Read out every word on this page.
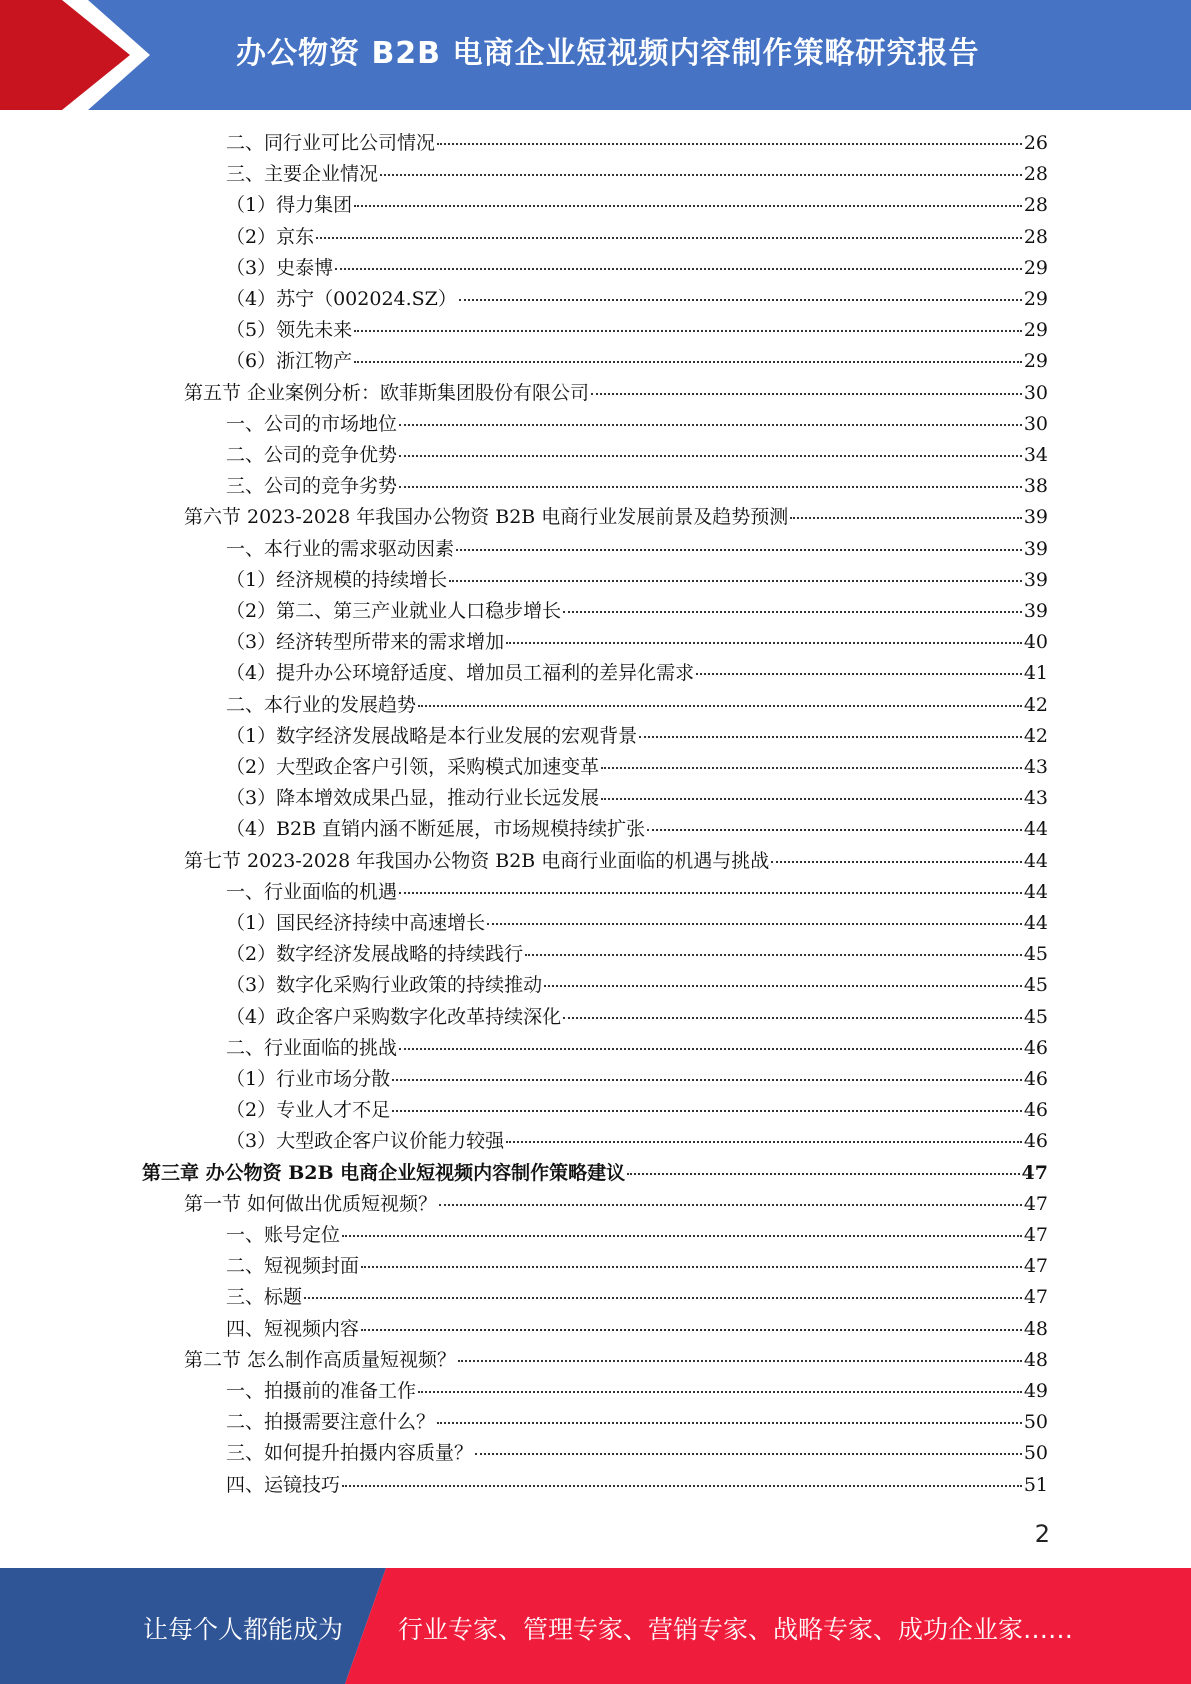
办公物资 B2B 电商企业短视频内容制作策略研究报告
二、同行业可比公司情况	26
三、主要企业情况	28
（1）得力集团	28
（2）京东	28
（3）史泰博	29
（4）苏宁（002024.SZ）	29
（5）领先未来	29
（6）浙江物产	29
第五节 企业案例分析：欧菲斯集团股份有限公司	30
一、公司的市场地位	30
二、公司的竞争优势	34
三、公司的竞争劣势	38
第六节 2023-2028 年我国办公物资 B2B 电商行业发展前景及趋势预测	39
一、本行业的需求驱动因素	39
（1）经济规模的持续增长	39
（2）第二、第三产业就业人口稳步增长	39
（3）经济转型所带来的需求增加	40
（4）提升办公环境舒适度、增加员工福利的差异化需求	41
二、本行业的发展趋势	42
（1）数字经济发展战略是本行业发展的宏观背景	42
（2）大型政企客户引领，采购模式加速变革	43
（3）降本增效成果凸显，推动行业长远发展	43
（4）B2B 直销内涵不断延展，市场规模持续扩张	44
第七节 2023-2028 年我国办公物资 B2B 电商行业面临的机遇与挑战	44
一、行业面临的机遇	44
（1）国民经济持续中高速增长	44
（2）数字经济发展战略的持续践行	45
（3）数字化采购行业政策的持续推动	45
（4）政企客户采购数字化改革持续深化	45
二、行业面临的挑战	46
（1）行业市场分散	46
（2）专业人才不足	46
（3）大型政企客户议价能力较强	46
第三章 办公物资 B2B 电商企业短视频内容制作策略建议	47
第一节 如何做出优质短视频？	47
一、账号定位	47
二、短视频封面	47
三、标题	47
四、短视频内容	48
第二节 怎么制作高质量短视频？	48
一、拍摄前的准备工作	49
二、拍摄需要注意什么？	50
三、如何提升拍摄内容质量？	50
四、运镜技巧	51
2
让每个人都能成为 行业专家、管理专家、营销专家、战略专家、成功企业家……
